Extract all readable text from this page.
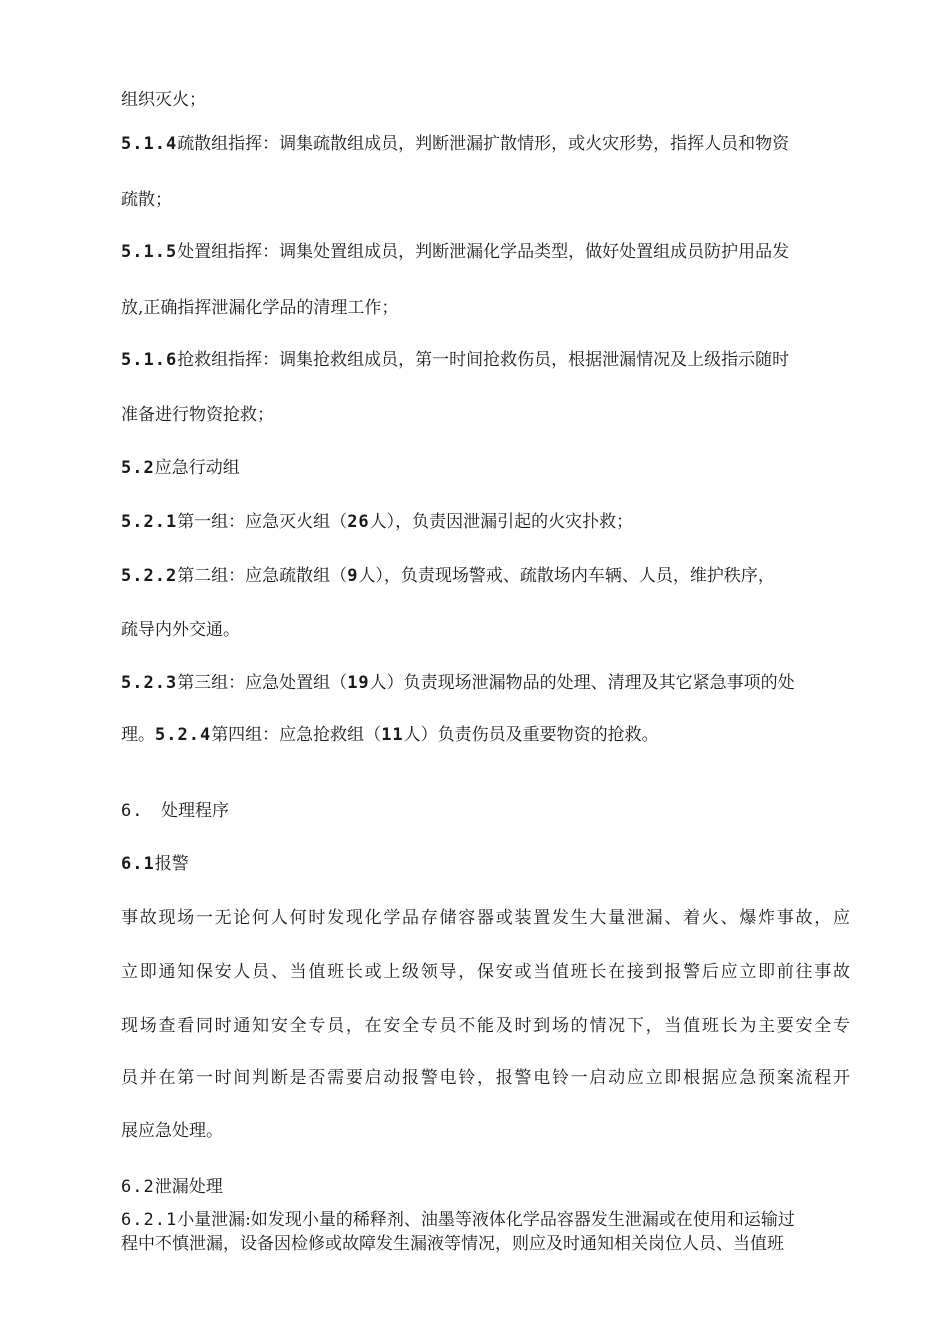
组织灭火；

5.1.4疏散组指挥：调集疏散组成员，判断泄漏扩散情形，或火灾形势，指挥人员和物资

疏散；

5.1.5处置组指挥：调集处置组成员，判断泄漏化学品类型，做好处置组成员防护用品发

放,正确指挥泄漏化学品的清理工作；

5.1.6抢救组指挥：调集抢救组成员，第一时间抢救伤员，根据泄漏情况及上级指示随时

准备进行物资抢救；

5.2应急行动组

5.2.1第一组：应急灭火组（26人），负责因泄漏引起的火灾扑救；

5.2.2第二组：应急疏散组（9人），负责现场警戒、疏散场内车辆、人员，维护秩序，

疏导内外交通。

5.2.3第三组：应急处置组（19人）负责现场泄漏物品的处理、清理及其它紧急事项的处

理。5.2.4第四组：应急抢救组（11人）负责伤员及重要物资的抢救。

6. 处理程序

6.1报警

事故现场一无论何人何时发现化学品存储容器或装置发生大量泄漏、着火、爆炸事故，应

立即通知保安人员、当值班长或上级领导，保安或当值班长在接到报警后应立即前往事故

现场查看同时通知安全专员，在安全专员不能及时到场的情况下，当值班长为主要安全专

员并在第一时间判断是否需要启动报警电铃，报警电铃一启动应立即根据应急预案流程开

展应急处理。

6.2泄漏处理

6.2.1小量泄漏:如发现小量的稀释剂、油墨等液体化学品容器发生泄漏或在使用和运输过

程中不慎泄漏，设备因检修或故障发生漏液等情况，则应及时通知相关岗位人员、当值班
